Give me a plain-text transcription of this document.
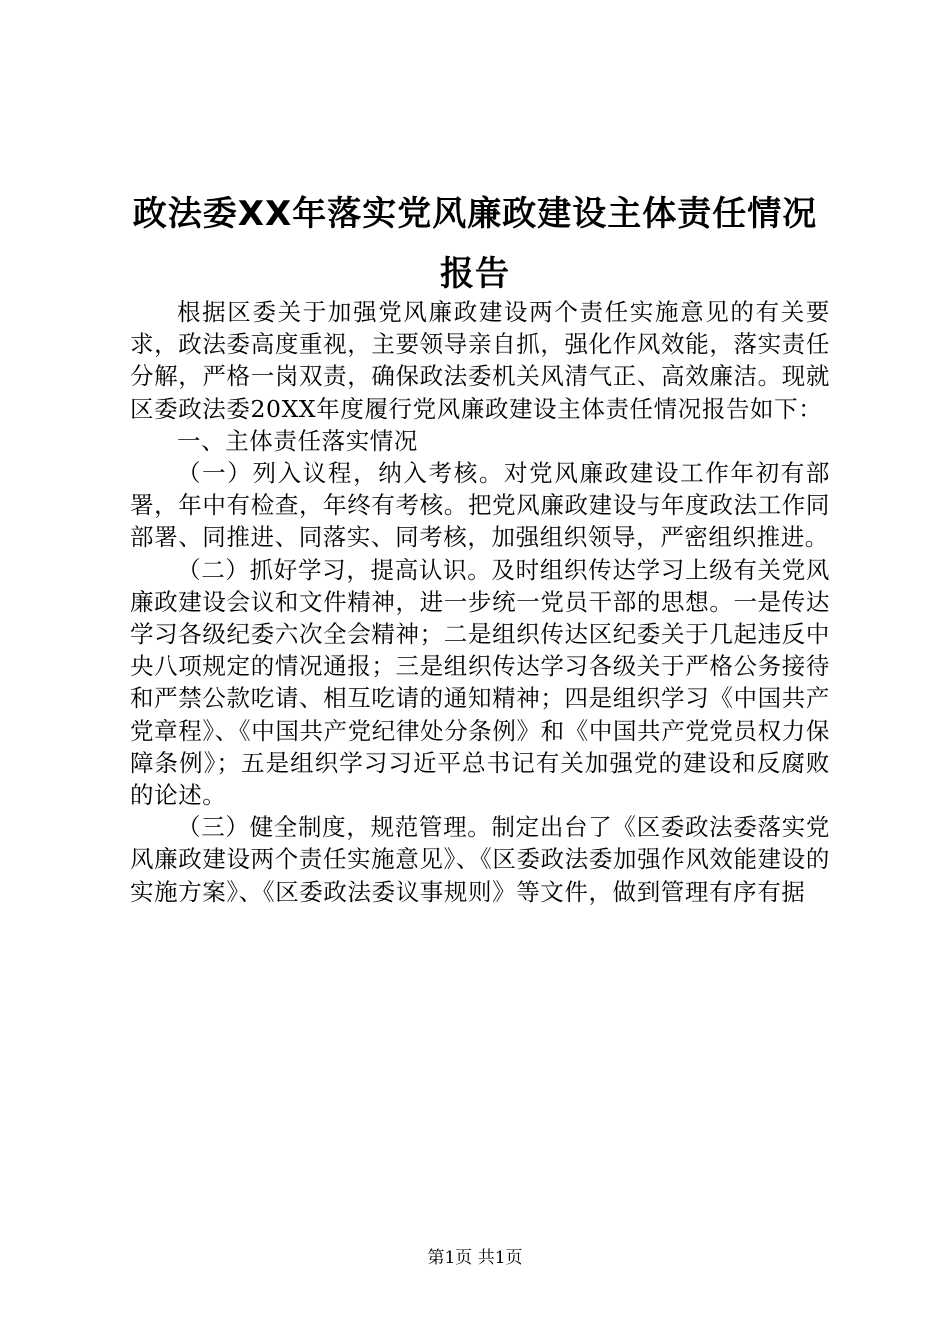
政法委XX年落实党风廉政建设主体责任情况
报告

根据区委关于加强党风廉政建设两个责任实施意见的有关要求，政法委高度重视，主要领导亲自抓，强化作风效能，落实责任分解，严格一岗双责，确保政法委机关风清气正、高效廉洁。现就区委政法委20XX年度履行党风廉政建设主体责任情况报告如下：

一、主体责任落实情况

（一）列入议程，纳入考核。对党风廉政建设工作年初有部署，年中有检查，年终有考核。把党风廉政建设与年度政法工作同部署、同推进、同落实、同考核，加强组织领导，严密组织推进。

（二）抓好学习，提高认识。及时组织传达学习上级有关党风廉政建设会议和文件精神，进一步统一党员干部的思想。一是传达学习各级纪委六次全会精神；二是组织传达区纪委关于几起违反中央八项规定的情况通报；三是组织传达学习各级关于严格公务接待和严禁公款吃请、相互吃请的通知精神；四是组织学习《中国共产党章程》、《中国共产党纪律处分条例》和《中国共产党党员权力保障条例》；五是组织学习习近平总书记有关加强党的建设和反腐败的论述。

（三）健全制度，规范管理。制定出台了《区委政法委落实党风廉政建设两个责任实施意见》、《区委政法委加强作风效能建设的实施方案》、《区委政法委议事规则》等文件，做到管理有序有据

第1页 共1页
